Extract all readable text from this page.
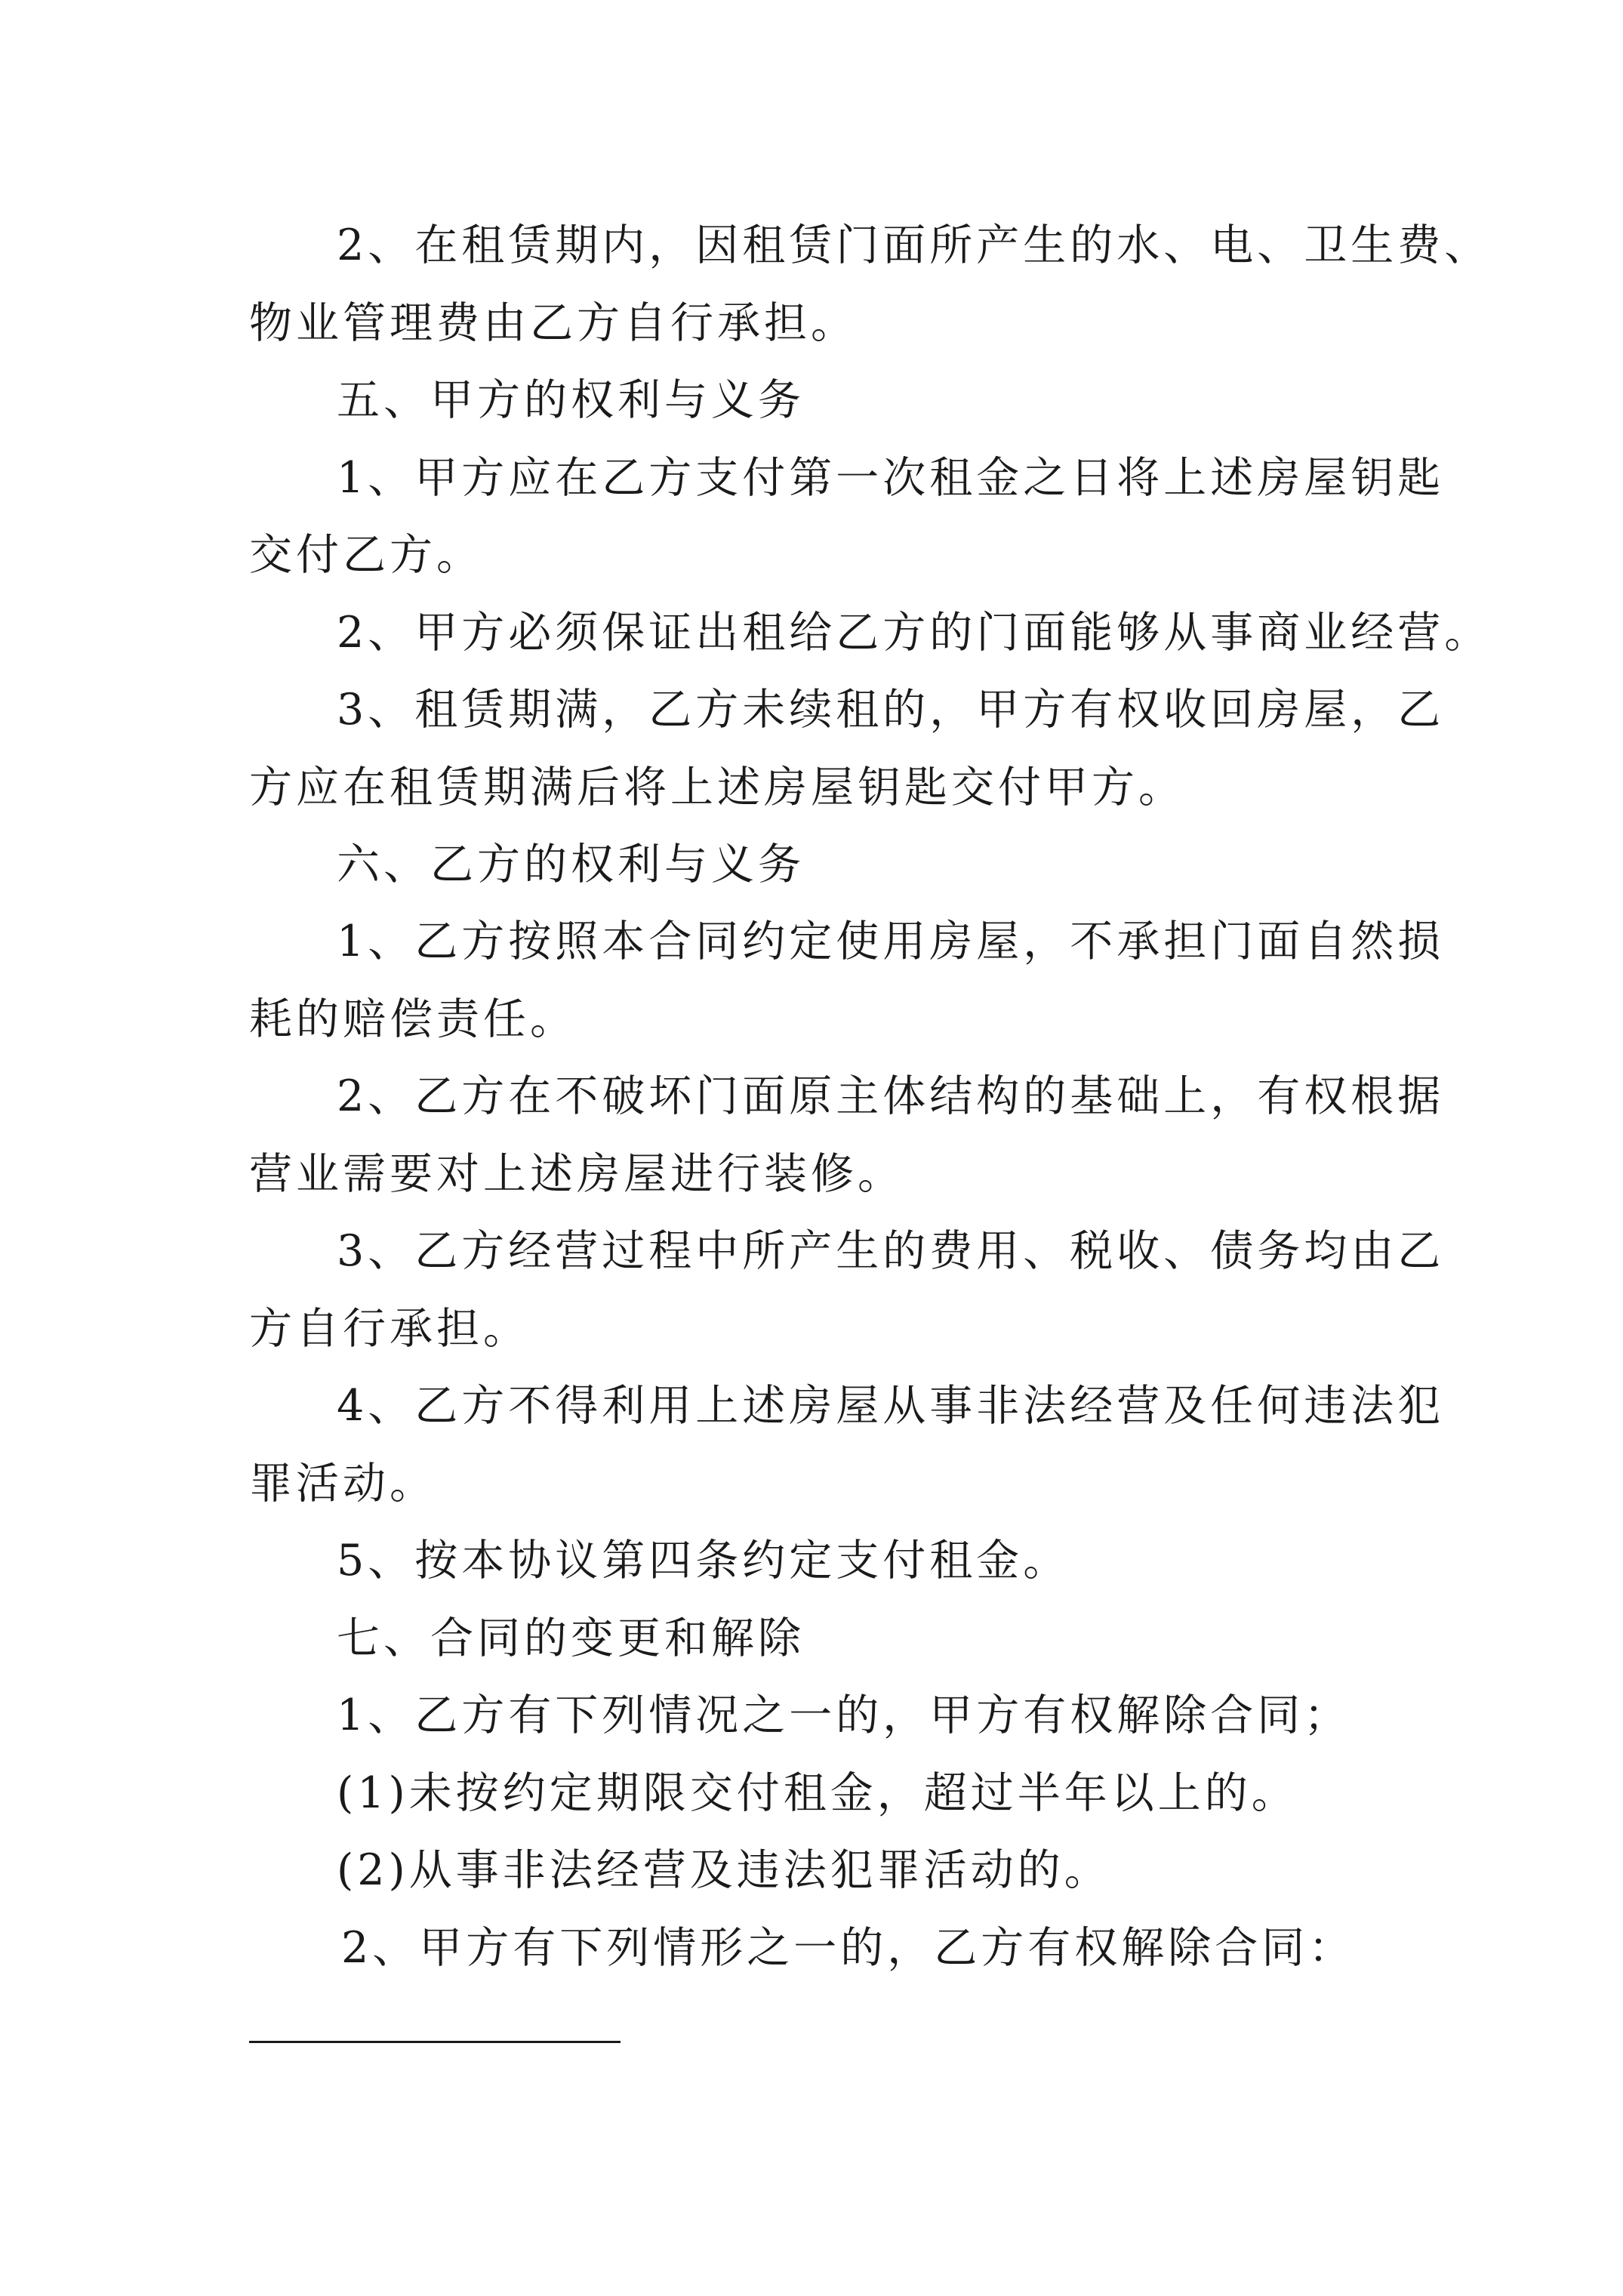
2、在租赁期内，因租赁门面所产生的水、电、卫生费、
物业管理费由乙方自行承担。
五、甲方的权利与义务
1、甲方应在乙方支付第一次租金之日将上述房屋钥匙
交付乙方。
2、甲方必须保证出租给乙方的门面能够从事商业经营。
3、租赁期满，乙方未续租的，甲方有权收回房屋，乙
方应在租赁期满后将上述房屋钥匙交付甲方。
六、乙方的权利与义务
1、乙方按照本合同约定使用房屋，不承担门面自然损
耗的赔偿责任。
2、乙方在不破坏门面原主体结构的基础上，有权根据
营业需要对上述房屋进行装修。
3、乙方经营过程中所产生的费用、税收、债务均由乙
方自行承担。
4、乙方不得利用上述房屋从事非法经营及任何违法犯
罪活动。
5、按本协议第四条约定支付租金。
七、合同的变更和解除
1、乙方有下列情况之一的，甲方有权解除合同；
(1)未按约定期限交付租金，超过半年以上的。
(2)从事非法经营及违法犯罪活动的。
2、甲方有下列情形之一的，乙方有权解除合同：
